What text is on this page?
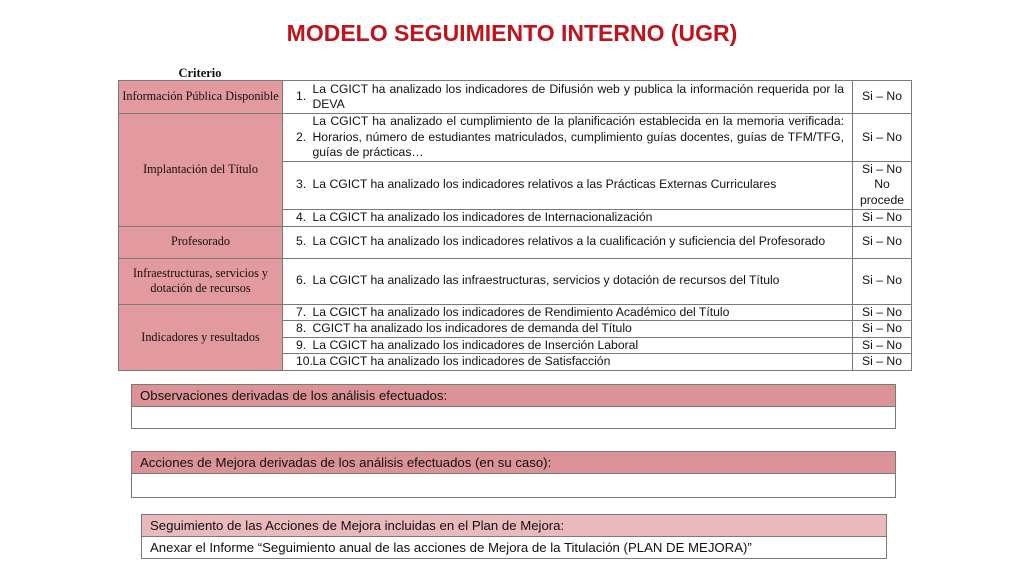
MODELO SEGUIMIENTO INTERNO (UGR)
Criterio
Información Pública Disponible	1.	La CGICT ha analizado los indicadores de Difusión web y publica la información requerida por la DEVA	Si – No
Implantación del Título	2.	La CGICT ha analizado el cumplimiento de la planificación establecida en la memoria verificada: Horarios, número de estudiantes matriculados, cumplimiento guías docentes, guías de TFM/TFG, guías de prácticas…	Si – No
	3.	La CGICT ha analizado los indicadores relativos a las Prácticas Externas Curriculares	Si – No No procede
	4.	La CGICT ha analizado los indicadores de Internacionalización	Si – No
Profesorado	5.	La CGICT ha analizado los indicadores relativos a la cualificación y suficiencia del Profesorado	Si – No
Infraestructuras, servicios y dotación de recursos	6.	La CGICT ha analizado las infraestructuras, servicios y dotación de recursos del Título	Si – No
Indicadores y resultados	7.	La CGICT ha analizado los indicadores de Rendimiento Académico del Título	Si – No
	8.	CGICT ha analizado los indicadores de demanda del Título	Si – No
	9.	La CGICT ha analizado los indicadores de Inserción Laboral	Si – No
	10.	La CGICT ha analizado los indicadores de Satisfacción	Si – No
Observaciones derivadas de los análisis efectuados:

Acciones de Mejora derivadas de los análisis efectuados (en su caso):

Seguimiento de las Acciones de Mejora incluidas en el Plan de Mejora:
Anexar el Informe “Seguimiento anual de las acciones de Mejora de la Titulación (PLAN DE MEJORA)”
